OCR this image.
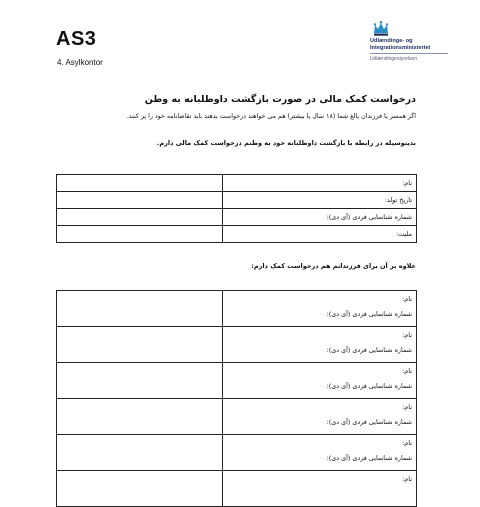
AS3
4. Asylkontor
Udlændinge- og
Integrationsministeriet
Udlændingestyrelsen
درخواست کمک مالی در صورت بازگشت داوطلبانه به وطن
اگر همسر یا فرزندان بالغ شما (۱۸ سال یا بیشتر) هم می خواهند درخواست بدهند باید تقاضانامه خود را پر کنند.
بدینوسیله در رابطه با بازگشت داوطلبانه خود به وطنم درخواست کمک مالی دارم.
	نام:
	تاریخ تولد:
	شماره شناسایی فردی (آی دی):
	ملیت:
علاوه بر آن برای فرزندانم هم درخواست کمک دارم:

	نام:
شماره شناسایی فردی (آی دی):

	نام:
شماره شناسایی فردی (آی دی):

	نام:
شماره شناسایی فردی (آی دی):

	نام:
شماره شناسایی فردی (آی دی):

	نام:
شماره شناسایی فردی (آی دی):

	نام:
